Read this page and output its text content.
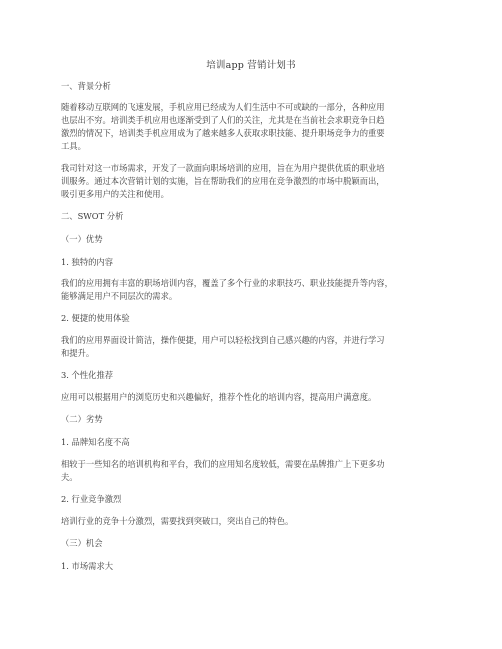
培训app 营销计划书
一、背景分析
随着移动互联网的飞速发展，手机应用已经成为人们生活中不可或缺的一部分，各种应用
也层出不穷。培训类手机应用也逐渐受到了人们的关注，尤其是在当前社会求职竞争日趋
激烈的情况下，培训类手机应用成为了越来越多人获取求职技能、提升职场竞争力的重要
工具。
我司针对这一市场需求，开发了一款面向职场培训的应用，旨在为用户提供优质的职业培
训服务。通过本次营销计划的实施，旨在帮助我们的应用在竞争激烈的市场中脱颖而出，
吸引更多用户的关注和使用。
二、SWOT 分析
（一）优势
1. 独特的内容
我们的应用拥有丰富的职场培训内容，覆盖了多个行业的求职技巧、职业技能提升等内容，
能够满足用户不同层次的需求。
2. 便捷的使用体验
我们的应用界面设计简洁，操作便捷，用户可以轻松找到自己感兴趣的内容，并进行学习
和提升。
3. 个性化推荐
应用可以根据用户的浏览历史和兴趣偏好，推荐个性化的培训内容，提高用户满意度。
（二）劣势
1. 品牌知名度不高
相较于一些知名的培训机构和平台，我们的应用知名度较低，需要在品牌推广上下更多功
夫。
2. 行业竞争激烈
培训行业的竞争十分激烈，需要找到突破口，突出自己的特色。
（三）机会
1. 市场需求大
